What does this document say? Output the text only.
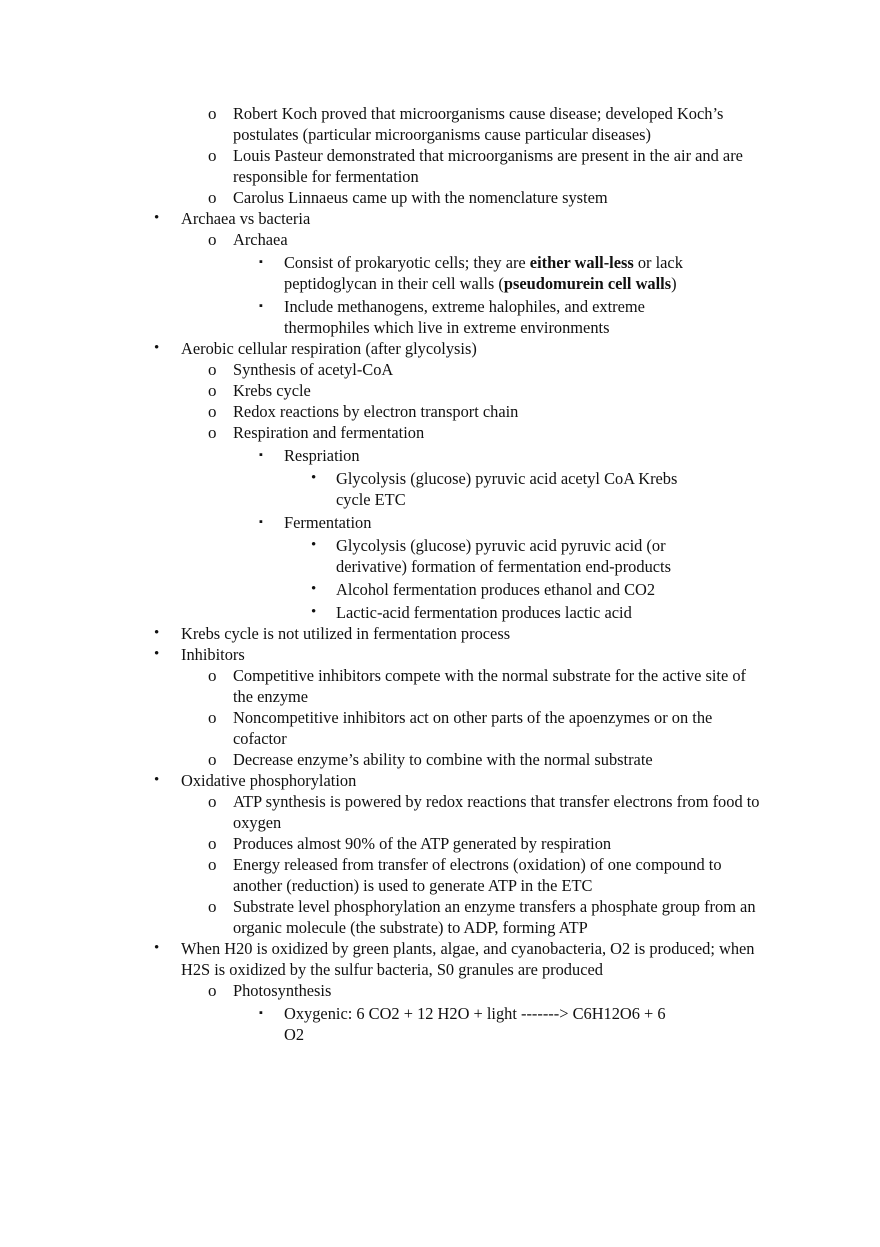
o Robert Koch proved that microorganisms cause disease; developed Koch’s postulates (particular microorganisms cause particular diseases)
o Louis Pasteur demonstrated that microorganisms are present in the air and are responsible for fermentation
o Carolus Linnaeus came up with the nomenclature system
• Archaea vs bacteria
o Archaea
▪ Consist of prokaryotic cells; they are either wall-less or lack peptidoglycan in their cell walls (pseudomurein cell walls)
▪ Include methanogens, extreme halophiles, and extreme thermophiles which live in extreme environments
• Aerobic cellular respiration (after glycolysis)
o Synthesis of acetyl-CoA
o Krebs cycle
o Redox reactions by electron transport chain
o Respiration and fermentation
▪ Respriation
• Glycolysis (glucose) pyruvic acid acetyl CoA Krebs cycle ETC
▪ Fermentation
• Glycolysis (glucose) pyruvic acid pyruvic acid (or derivative) formation of fermentation end-products
• Alcohol fermentation produces ethanol and CO2
• Lactic-acid fermentation produces lactic acid
• Krebs cycle is not utilized in fermentation process
• Inhibitors
o Competitive inhibitors compete with the normal substrate for the active site of the enzyme
o Noncompetitive inhibitors act on other parts of the apoenzymes or on the cofactor
o Decrease enzyme’s ability to combine with the normal substrate
• Oxidative phosphorylation
o ATP synthesis is powered by redox reactions that transfer electrons from food to oxygen
o Produces almost 90% of the ATP generated by respiration
o Energy released from transfer of electrons (oxidation) of one compound to another (reduction) is used to generate ATP in the ETC
o Substrate level phosphorylation an enzyme transfers a phosphate group from an organic molecule (the substrate) to ADP, forming ATP
• When H20 is oxidized by green plants, algae, and cyanobacteria, O2 is produced; when H2S is oxidized by the sulfur bacteria, S0 granules are produced
o Photosynthesis
▪ Oxygenic: 6 CO2 + 12 H2O + light -------> C6H12O6 + 6 O2
